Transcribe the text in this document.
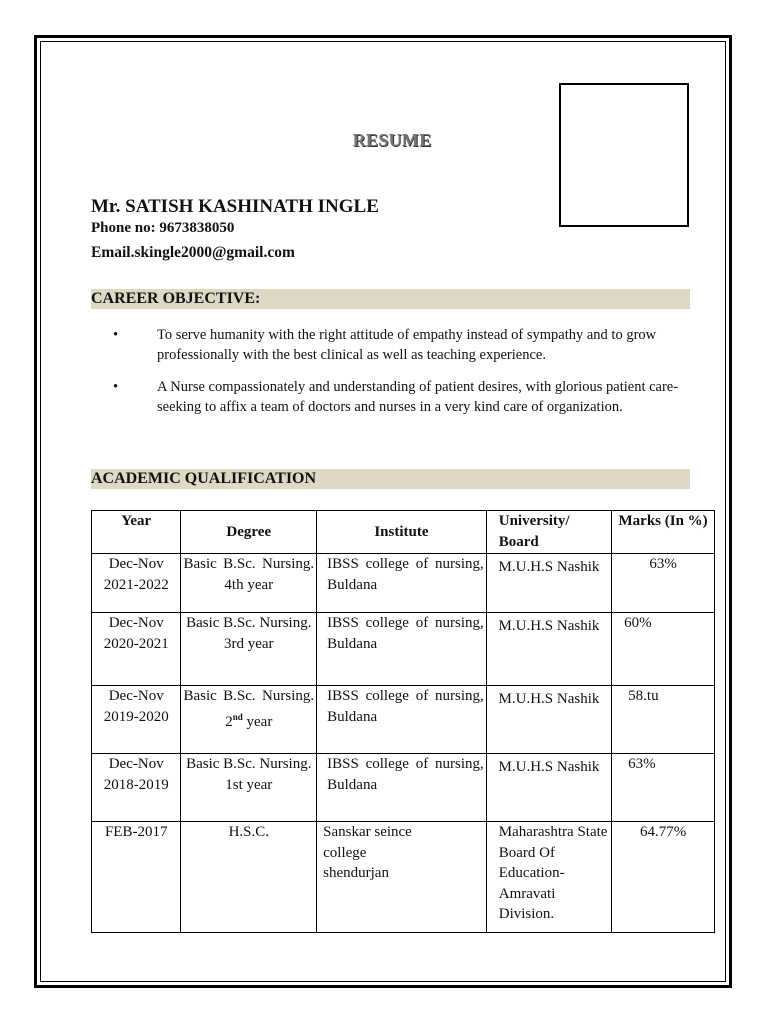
RESUME
Mr. SATISH KASHINATH INGLE
Phone no: 9673838050
Email.skingle2000@gmail.com
CAREER OBJECTIVE:
•	To serve humanity with the right attitude of empathy instead of sympathy and to grow professionally with the best clinical as well as teaching experience.
•	A Nurse compassionately and understanding of patient desires, with glorious patient care-seeking to affix a team of doctors and nurses in a very kind care of organization.
ACADEMIC QUALIFICATION
Year	Degree	Institute	University/ Board	Marks (In %)
Dec-Nov 2021-2022	Basic B.Sc. Nursing. 4th year	IBSS college of nursing, Buldana	M.U.H.S Nashik	63%
Dec-Nov 2020-2021	Basic B.Sc. Nursing. 3rd year	IBSS college of nursing, Buldana	M.U.H.S Nashik	60%
Dec-Nov 2019-2020	Basic B.Sc. Nursing. 2nd year	IBSS college of nursing, Buldana	M.U.H.S Nashik	58.tu
Dec-Nov 2018-2019	Basic B.Sc. Nursing. 1st year	IBSS college of nursing, Buldana	M.U.H.S Nashik	63%
FEB-2017	H.S.C.	Sanskar seince college shendurjan	Maharashtra State Board Of Education-Amravati Division.	64.77%
